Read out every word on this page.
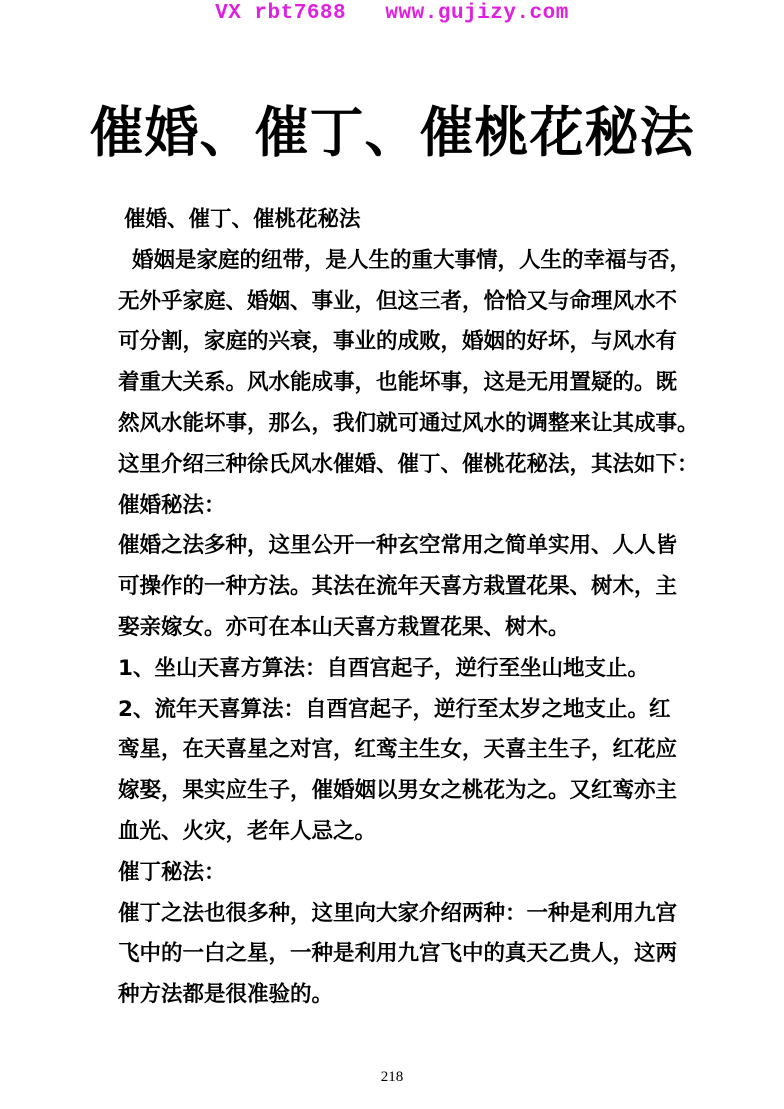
VX rbt7688   www.gujizy.com
催婚、催丁、催桃花秘法
催婚、催丁、催桃花秘法
婚姻是家庭的纽带，是人生的重大事情，人生的幸福与否，
无外乎家庭、婚姻、事业，但这三者，恰恰又与命理风水不
可分割，家庭的兴衰，事业的成败，婚姻的好坏，与风水有
着重大关系。风水能成事，也能坏事，这是无用置疑的。既
然风水能坏事，那么，我们就可通过风水的调整来让其成事。
这里介绍三种徐氏风水催婚、催丁、催桃花秘法，其法如下：
催婚秘法：
催婚之法多种，这里公开一种玄空常用之简单实用、人人皆
可操作的一种方法。其法在流年天喜方栽置花果、树木，主
娶亲嫁女。亦可在本山天喜方栽置花果、树木。
1、坐山天喜方算法：自酉宫起子，逆行至坐山地支止。
2、流年天喜算法：自酉宫起子，逆行至太岁之地支止。红
鸾星，在天喜星之对宫，红鸾主生女，天喜主生子，红花应
嫁娶，果实应生子，催婚姻以男女之桃花为之。又红鸾亦主
血光、火灾，老年人忌之。
催丁秘法：
催丁之法也很多种，这里向大家介绍两种：一种是利用九宫
飞中的一白之星，一种是利用九宫飞中的真天乙贵人，这两
种方法都是很准验的。
218
